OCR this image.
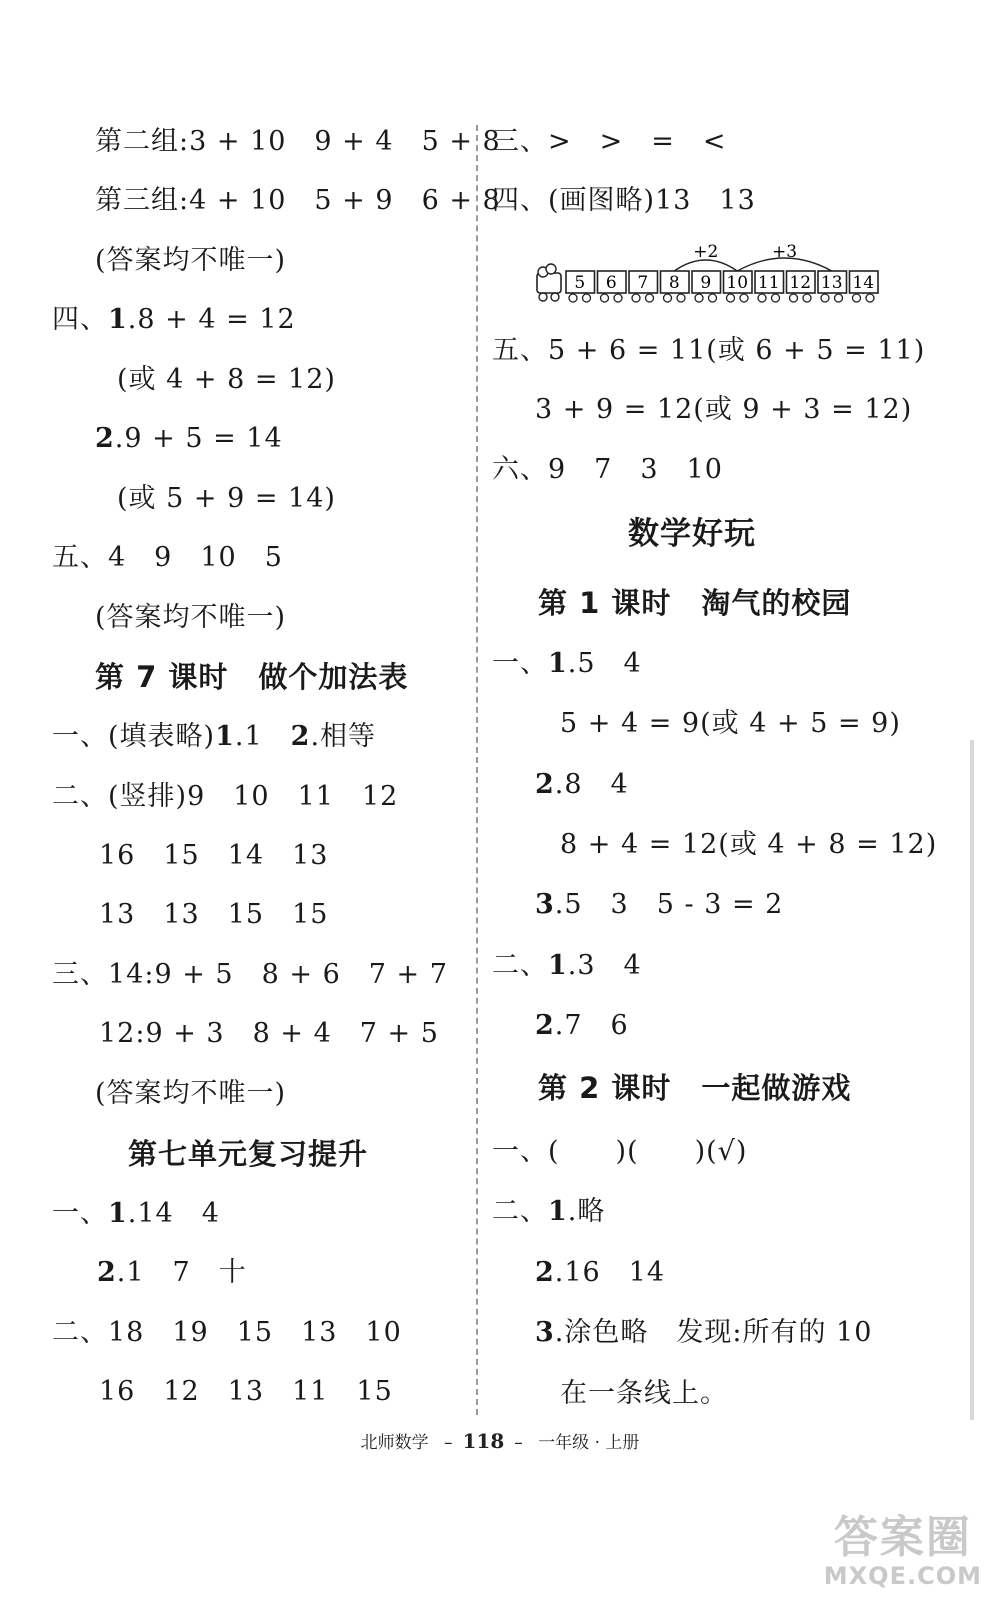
第二组:3 + 10　9 + 4　5 + 8
第三组:4 + 10　5 + 9　6 + 8
(答案均不唯一)
四、1.8 + 4 = 12
(或 4 + 8 = 12)
2.9 + 5 = 14
(或 5 + 9 = 14)
五、4　9　10　5
(答案均不唯一)
第 7 课时　做个加法表
一、(填表略)1.1　2.相等
二、(竖排)9　10　11　12
16　15　14　13
13　13　15　15
三、14:9 + 5　8 + 6　7 + 7
12:9 + 3　8 + 4　7 + 5
(答案均不唯一)
第七单元复习提升
一、1.14　4
2.1　7　十
二、18　19　15　13　10
16　12　13　11　15
三、>　>　=　<
四、(画图略)13　13
五、5 + 6 = 11(或 6 + 5 = 11)
3 + 9 = 12(或 9 + 3 = 12)
六、9　7　3　10
数学好玩
第 1 课时　淘气的校园
一、1.5　4
5 + 4 = 9(或 4 + 5 = 9)
2.8　4
8 + 4 = 12(或 4 + 8 = 12)
3.5　3　5 - 3 = 2
二、1.3　4
2.7　6
第 2 课时　一起做游戏
一、(　　)(　　)(√)
二、1.略
2.16　14
3.涂色略　发现:所有的 10
在一条线上。
5 6 7 8 9 10 11 12 13 14
+2	+3
北师数学 – 118 – 一年级 · 上册
答案圈
MXQE.COM
